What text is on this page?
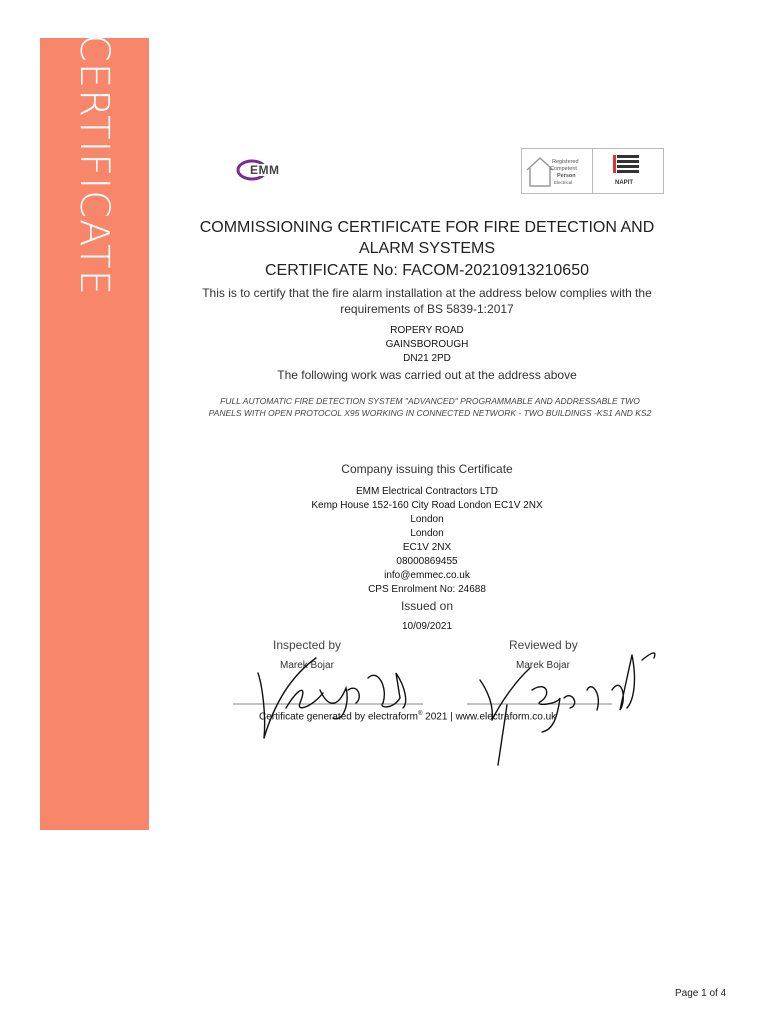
CERTIFICATE	EMM
Registered
Competent
Person
Electrical	NAPIT
COMMISSIONING CERTIFICATE FOR FIRE DETECTION AND
ALARM SYSTEMS
CERTIFICATE No: FACOM-20210913210650
This is to certify that the fire alarm installation at the address below complies with the requirements of BS 5839-1:2017
ROPERY ROAD
GAINSBOROUGH
DN21 2PD
The following work was carried out at the address above
FULL AUTOMATIC FIRE DETECTION SYSTEM "ADVANCED" PROGRAMMABLE AND ADDRESSABLE TWO PANELS WITH OPEN PROTOCOL X95 WORKING IN CONNECTED NETWORK - TWO BUILDINGS -KS1 AND KS2
Company issuing this Certificate
EMM Electrical Contractors LTD
Kemp House 152-160 City Road London EC1V 2NX
London
London
EC1V 2NX
08000869455
info@emmec.co.uk
CPS Enrolment No: 24688
Issued on
10/09/2021
Inspected by	Reviewed by
Marek Bojar	Marek Bojar
Certificate generated by electraform® 2021 | www.electraform.co.uk
Page 1 of 4
